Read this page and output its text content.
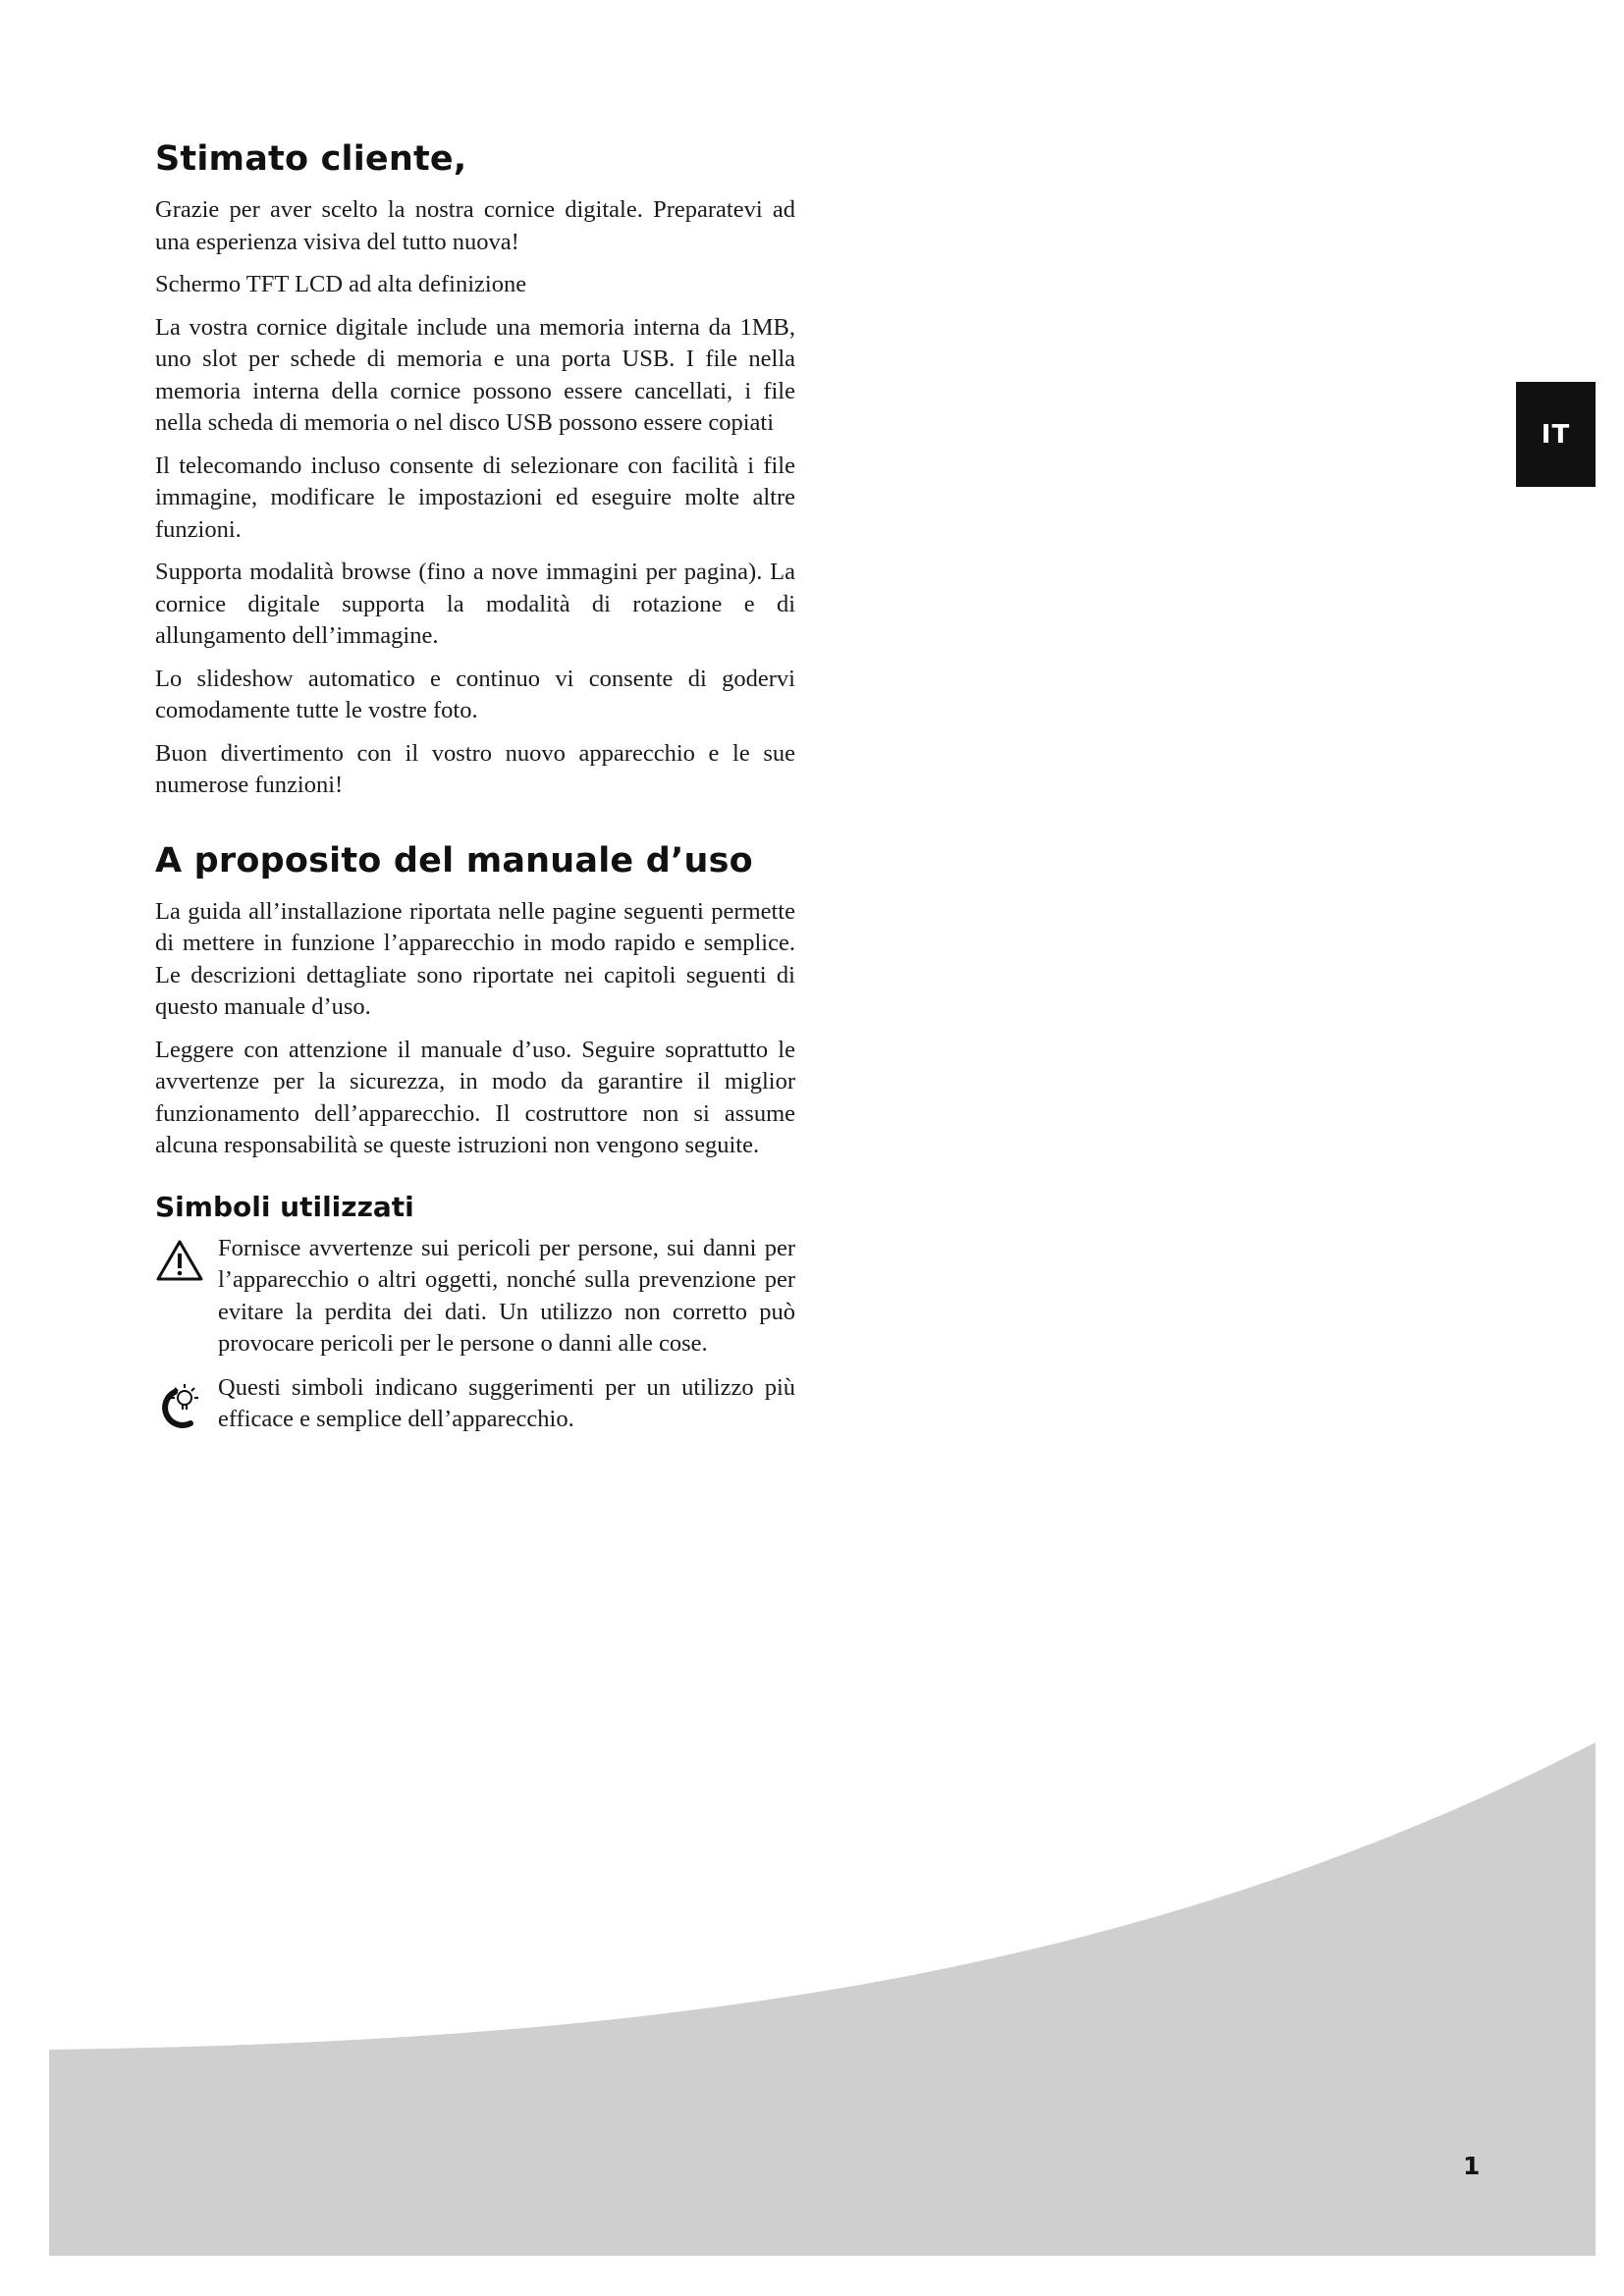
IT
Stimato cliente,

Grazie per aver scelto la nostra cornice digitale. Preparatevi ad una esperienza visiva del tutto nuova!

Schermo TFT LCD ad alta definizione

La vostra cornice digitale include una memoria interna da 1MB, uno slot per schede di memoria e una porta USB. I file nella memoria interna della cornice possono essere cancellati, i file nella scheda di memoria o nel disco USB possono essere copiati

Il telecomando incluso consente di selezionare con facilità i file immagine, modificare le impostazioni ed eseguire molte altre funzioni.

Supporta modalità browse (fino a nove immagini per pagina). La cornice digitale supporta la modalità di rotazione e di allungamento dell’immagine.

Lo slideshow automatico e continuo vi consente di godervi comodamente tutte le vostre foto.

Buon divertimento con il vostro nuovo apparecchio e le sue numerose funzioni!

A proposito del manuale d’uso

La guida all’installazione riportata nelle pagine seguenti permette di mettere in funzione l’apparecchio in modo rapido e semplice. Le descrizioni dettagliate sono riportate nei capitoli seguenti di questo manuale d’uso.

Leggere con attenzione il manuale d’uso. Seguire soprattutto le avvertenze per la sicurezza, in modo da garantire il miglior funzionamento dell’apparecchio. Il costruttore non si assume alcuna responsabilità se queste istruzioni non vengono seguite.

Simboli utilizzati

Fornisce avvertenze sui pericoli per persone, sui danni per l’apparecchio o altri oggetti, nonché sulla prevenzione per evitare la perdita dei dati. Un utilizzo non corretto può provocare pericoli per le persone o danni alle cose.

Questi simboli indicano suggerimenti per un utilizzo più efficace e semplice dell’apparecchio.

1
